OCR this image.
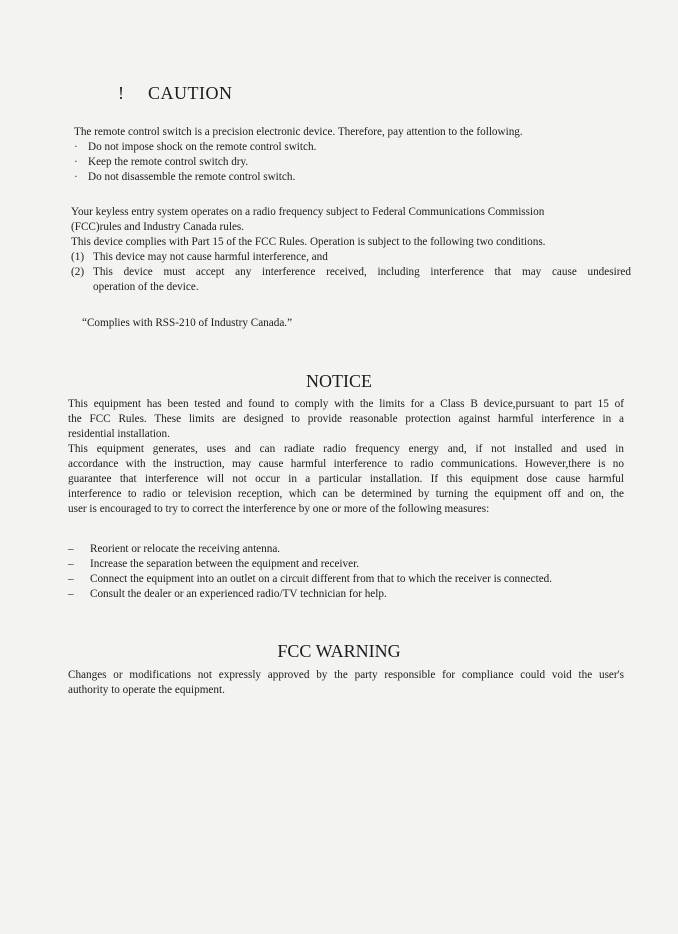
! CAUTION
The remote control switch is a precision electronic device. Therefore, pay attention to the following.
· Do not impose shock on the remote control switch.
· Keep the remote control switch dry.
· Do not disassemble the remote control switch.
Your keyless entry system operates on a radio frequency subject to Federal Communications Commission
(FCC)rules and Industry Canada rules.
This device complies with Part 15 of the FCC Rules. Operation is subject to the following two conditions.
(1) This device may not cause harmful interference, and
(2) This device must accept any interference received, including interference that may cause undesired
operation of the device.
“Complies with RSS-210 of Industry Canada.”
NOTICE
This equipment has been tested and found to comply with the limits for a Class B device,pursuant to part 15 of
the FCC Rules. These limits are designed to provide reasonable protection against harmful interference in a
residential installation.
This equipment generates, uses and can radiate radio frequency energy and, if not installed and used in
accordance with the instruction, may cause harmful interference to radio communications. However,there is no
guarantee that interference will not occur in a particular installation. If this equipment dose cause harmful
interference to radio or television reception, which can be determined by turning the equipment off and on, the
user is encouraged to try to correct the interference by one or more of the following measures:
–	Reorient or relocate the receiving antenna.
–	Increase the separation between the equipment and receiver.
–	Connect the equipment into an outlet on a circuit different from that to which the receiver is connected.
–	Consult the dealer or an experienced radio/TV technician for help.
FCC WARNING
Changes or modifications not expressly approved by the party responsible for compliance could void the user's
authority to operate the equipment.
